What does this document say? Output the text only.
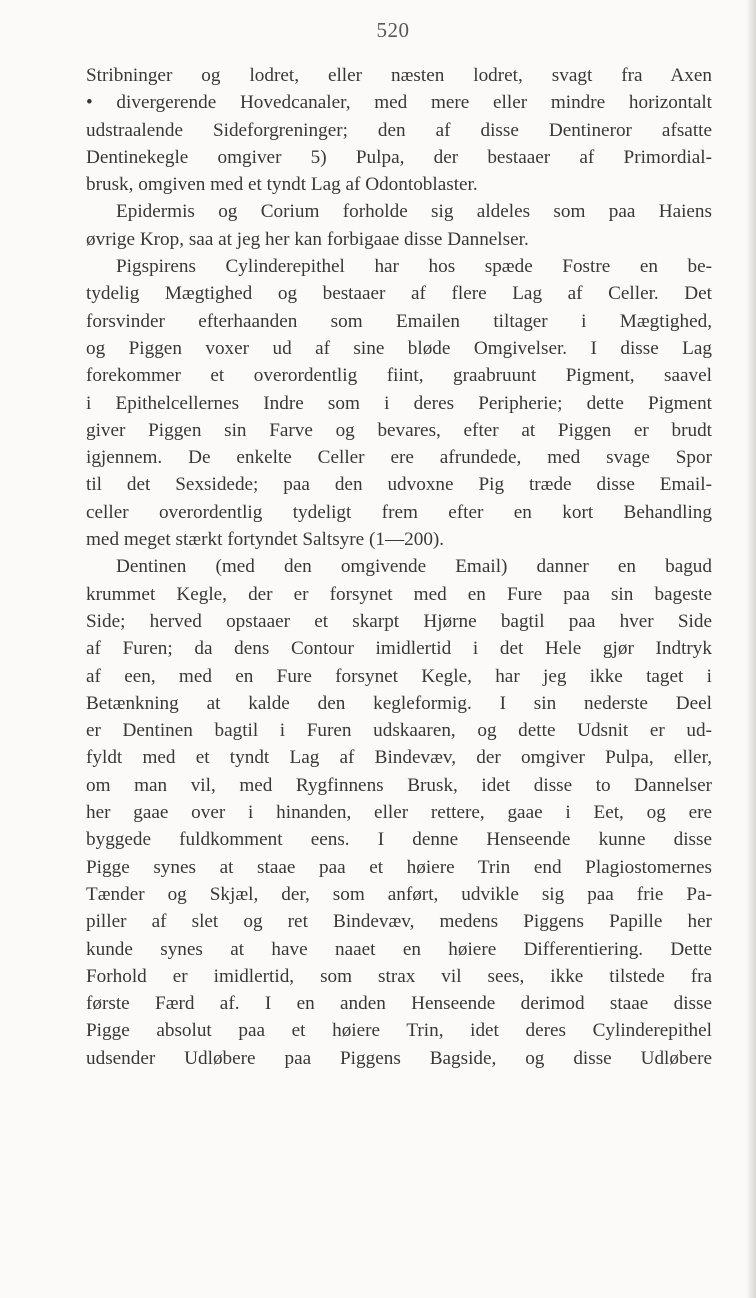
520
Stribninger og lodret, eller næsten lodret, svagt fra Axen
• divergerende Hovedcanaler, med mere eller mindre horizontalt
udstraalende Sideforgreninger; den af disse Dentineror afsatte
Dentinekegle omgiver 5) Pulpa, der bestaaer af Primordial-
brusk, omgiven med et tyndt Lag af Odontoblaster.
Epidermis og Corium forholde sig aldeles som paa Haiens
øvrige Krop, saa at jeg her kan forbigaae disse Dannelser.
Pigspirens Cylinderepithel har hos spæde Fostre en be-
tydelig Mægtighed og bestaaer af flere Lag af Celler. Det
forsvinder efterhaanden som Emailen tiltager i Mægtighed,
og Piggen voxer ud af sine bløde Omgivelser. I disse Lag
forekommer et overordentlig fiint, graabruunt Pigment, saavel
i Epithelcellernes Indre som i deres Peripherie; dette Pigment
giver Piggen sin Farve og bevares, efter at Piggen er brudt
igjennem. De enkelte Celler ere afrundede, med svage Spor
til det Sexsidede; paa den udvoxne Pig træde disse Email-
celler overordentlig tydeligt frem efter en kort Behandling
med meget stærkt fortyndet Saltsyre (1—200).
Dentinen (med den omgivende Email) danner en bagud
krummet Kegle, der er forsynet med en Fure paa sin bageste
Side; herved opstaaer et skarpt Hjørne bagtil paa hver Side
af Furen; da dens Contour imidlertid i det Hele gjør Indtryk
af een, med en Fure forsynet Kegle, har jeg ikke taget i
Betænkning at kalde den kegleformig. I sin nederste Deel
er Dentinen bagtil i Furen udskaaren, og dette Udsnit er ud-
fyldt med et tyndt Lag af Bindevæv, der omgiver Pulpa, eller,
om man vil, med Rygfinnens Brusk, idet disse to Dannelser
her gaae over i hinanden, eller rettere, gaae i Eet, og ere
byggede fuldkomment eens. I denne Henseende kunne disse
Pigge synes at staae paa et høiere Trin end Plagiostomernes
Tænder og Skjæl, der, som anført, udvikle sig paa frie Pa-
piller af slet og ret Bindevæv, medens Piggens Papille her
kunde synes at have naaet en høiere Differentiering. Dette
Forhold er imidlertid, som strax vil sees, ikke tilstede fra
første Færd af. I en anden Henseende derimod staae disse
Pigge absolut paa et høiere Trin, idet deres Cylinderepithel
udsender Udløbere paa Piggens Bagside, og disse Udløbere
